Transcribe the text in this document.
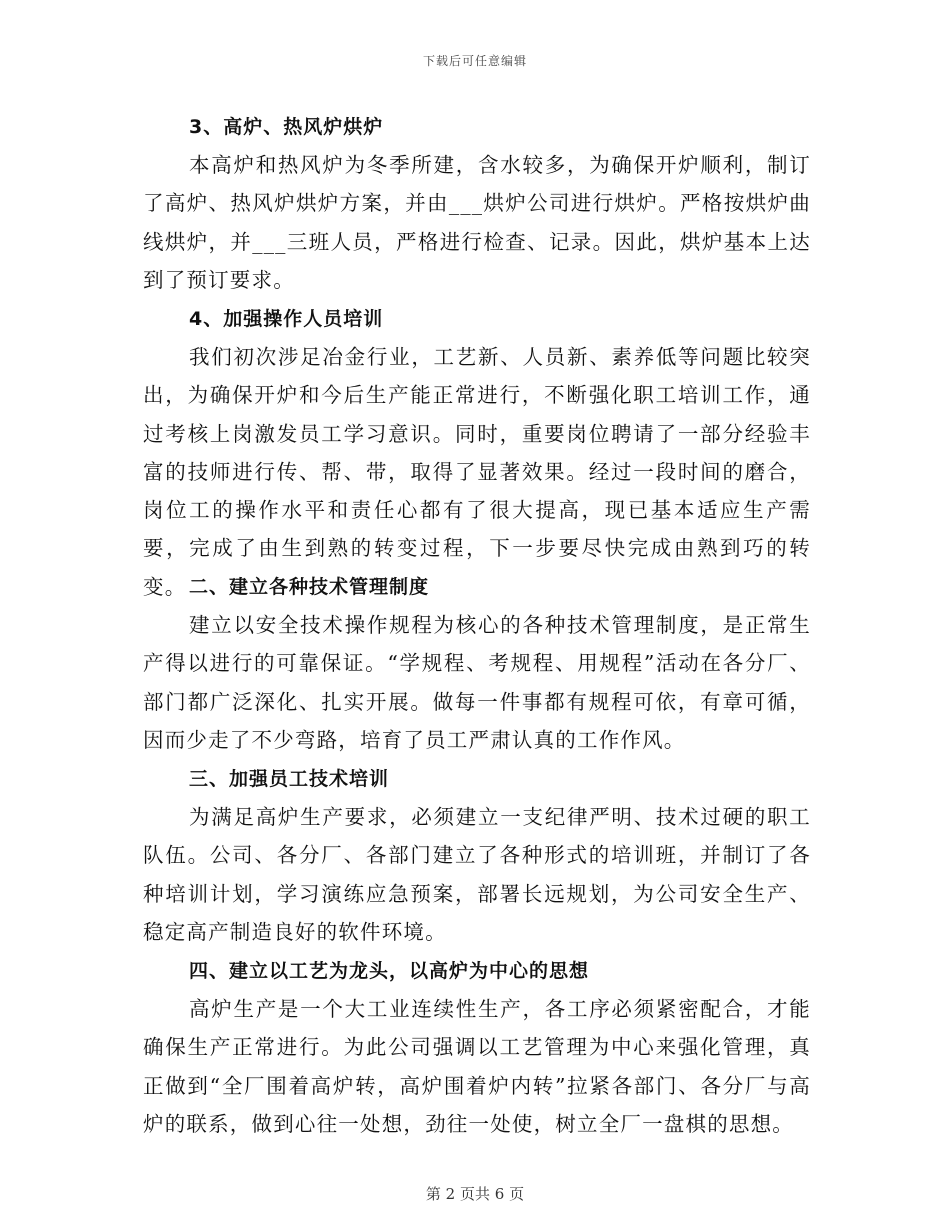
下载后可任意编辑
3、高炉、热风炉烘炉

本高炉和热风炉为冬季所建，含水较多，为确保开炉顺利，制订了高炉、热风炉烘炉方案，并由___烘炉公司进行烘炉。严格按烘炉曲线烘炉，并___三班人员，严格进行检查、记录。因此，烘炉基本上达到了预订要求。

4、加强操作人员培训

我们初次涉足冶金行业，工艺新、人员新、素养低等问题比较突出，为确保开炉和今后生产能正常进行，不断强化职工培训工作，通过考核上岗激发员工学习意识。同时，重要岗位聘请了一部分经验丰富的技师进行传、帮、带，取得了显著效果。经过一段时间的磨合，岗位工的操作水平和责任心都有了很大提高，现已基本适应生产需要，完成了由生到熟的转变过程，下一步要尽快完成由熟到巧的转变。 二、建立各种技术管理制度

建立以安全技术操作规程为核心的各种技术管理制度，是正常生产得以进行的可靠保证。“学规程、考规程、用规程”活动在各分厂、部门都广泛深化、扎实开展。做每一件事都有规程可依，有章可循，因而少走了不少弯路，培育了员工严肃认真的工作作风。

三、加强员工技术培训

为满足高炉生产要求，必须建立一支纪律严明、技术过硬的职工队伍。公司、各分厂、各部门建立了各种形式的培训班，并制订了各种培训计划，学习演练应急预案，部署长远规划，为公司安全生产、稳定高产制造良好的软件环境。

四、建立以工艺为龙头，以高炉为中心的思想

高炉生产是一个大工业连续性生产，各工序必须紧密配合，才能确保生产正常进行。为此公司强调以工艺管理为中心来强化管理，真正做到“全厂围着高炉转，高炉围着炉内转”拉紧各部门、各分厂与高炉的联系，做到心往一处想，劲往一处使，树立全厂一盘棋的思想。

第 2 页共 6 页
